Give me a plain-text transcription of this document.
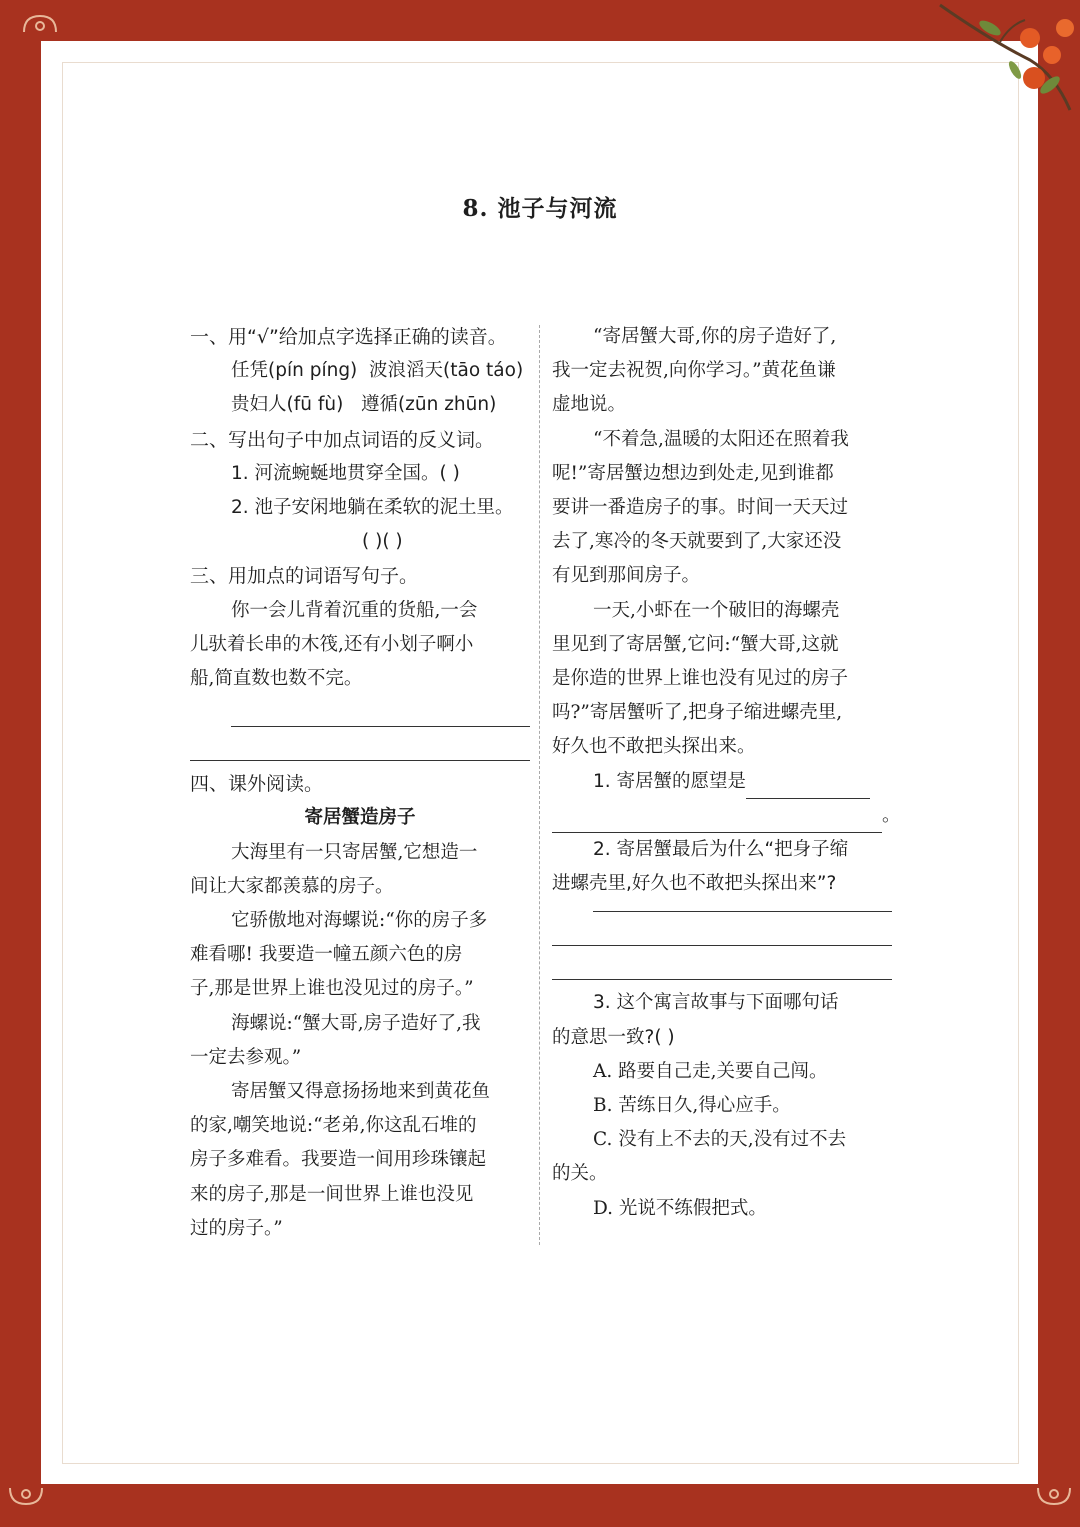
8. 池子与河流
一、用“√”给加点字选择正确的读音。
任凭(pín píng) 波浪滔天(tāo táo)
贵妇人(fū fù) 遵循(zūn zhūn)
二、写出句子中加点词语的反义词。
1. 河流蜿蜒地贯穿全国。( )
2. 池子安闲地躺在柔软的泥土里。
( )( )
三、用加点的词语写句子。
你一会儿背着沉重的货船,一会
儿驮着长串的木筏,还有小划子啊小
船,简直数也数不完。
四、课外阅读。
寄居蟹造房子
大海里有一只寄居蟹,它想造一
间让大家都羡慕的房子。
它骄傲地对海螺说:“你的房子多
难看哪! 我要造一幢五颜六色的房
子,那是世界上谁也没见过的房子。”
海螺说:“蟹大哥,房子造好了,我
一定去参观。”
寄居蟹又得意扬扬地来到黄花鱼
的家,嘲笑地说:“老弟,你这乱石堆的
房子多难看。我要造一间用珍珠镶起
来的房子,那是一间世界上谁也没见
过的房子。”
“寄居蟹大哥,你的房子造好了,
我一定去祝贺,向你学习。”黄花鱼谦
虚地说。
“不着急,温暖的太阳还在照着我
呢!”寄居蟹边想边到处走,见到谁都
要讲一番造房子的事。时间一天天过
去了,寒冷的冬天就要到了,大家还没
有见到那间房子。
一天,小虾在一个破旧的海螺壳
里见到了寄居蟹,它问:“蟹大哥,这就
是你造的世界上谁也没有见过的房子
吗?”寄居蟹听了,把身子缩进螺壳里,
好久也不敢把头探出来。
1. 寄居蟹的愿望是
。
2. 寄居蟹最后为什么“把身子缩
进螺壳里,好久也不敢把头探出来”?
3. 这个寓言故事与下面哪句话
的意思一致?( )
A. 路要自己走,关要自己闯。
B. 苦练日久,得心应手。
C. 没有上不去的天,没有过不去
的关。
D. 光说不练假把式。
